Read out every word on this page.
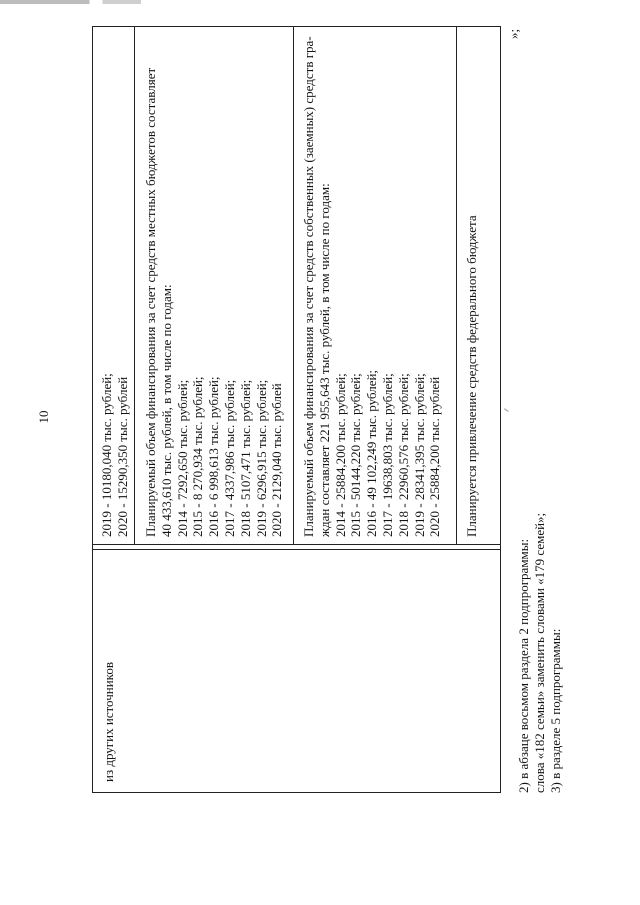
10
из других источников
2019 - 10180,040 тыс. рублей; 2020 - 15290,350 тыс. рублей Планируемый объем финансирования за счет средств местных бюджетов составляет 40 433,610 тыс. рублей, в том числе по годам: 2014 - 7292,650 тыс. рублей; 2015 - 8 270,934 тыс. рублей; 2016 - 6 998,613 тыс. рублей; 2017 - 4337,986 тыс. рублей; 2018 - 5107,471 тыс. рублей; 2019 - 6296,915 тыс. рублей; 2020 - 2129,040 тыс. рублей Планируемый объем финансирования за счет средств собственных (заемных) средств гра- ждан составляет 221 955,643 тыс. рублей, в том числе по годам: 2014 - 25884,200 тыс. рублей; 2015 - 50144,220 тыс. рублей; 2016 - 49 102,249 тыс. рублей; 2017 - 19638,803 тыс. рублей; 2018 - 22960,576 тыс. рублей; 2019 - 28341,395 тыс. рублей; 2020 - 25884,200 тыс. рублей Планируется привлечение средств федерального бюджета
»;
2) в абзаце восьмом раздела 2 подпрограммы: слова «182 семьи» заменить словами «179 семей»; 3) в разделе 5 подпрограммы:
